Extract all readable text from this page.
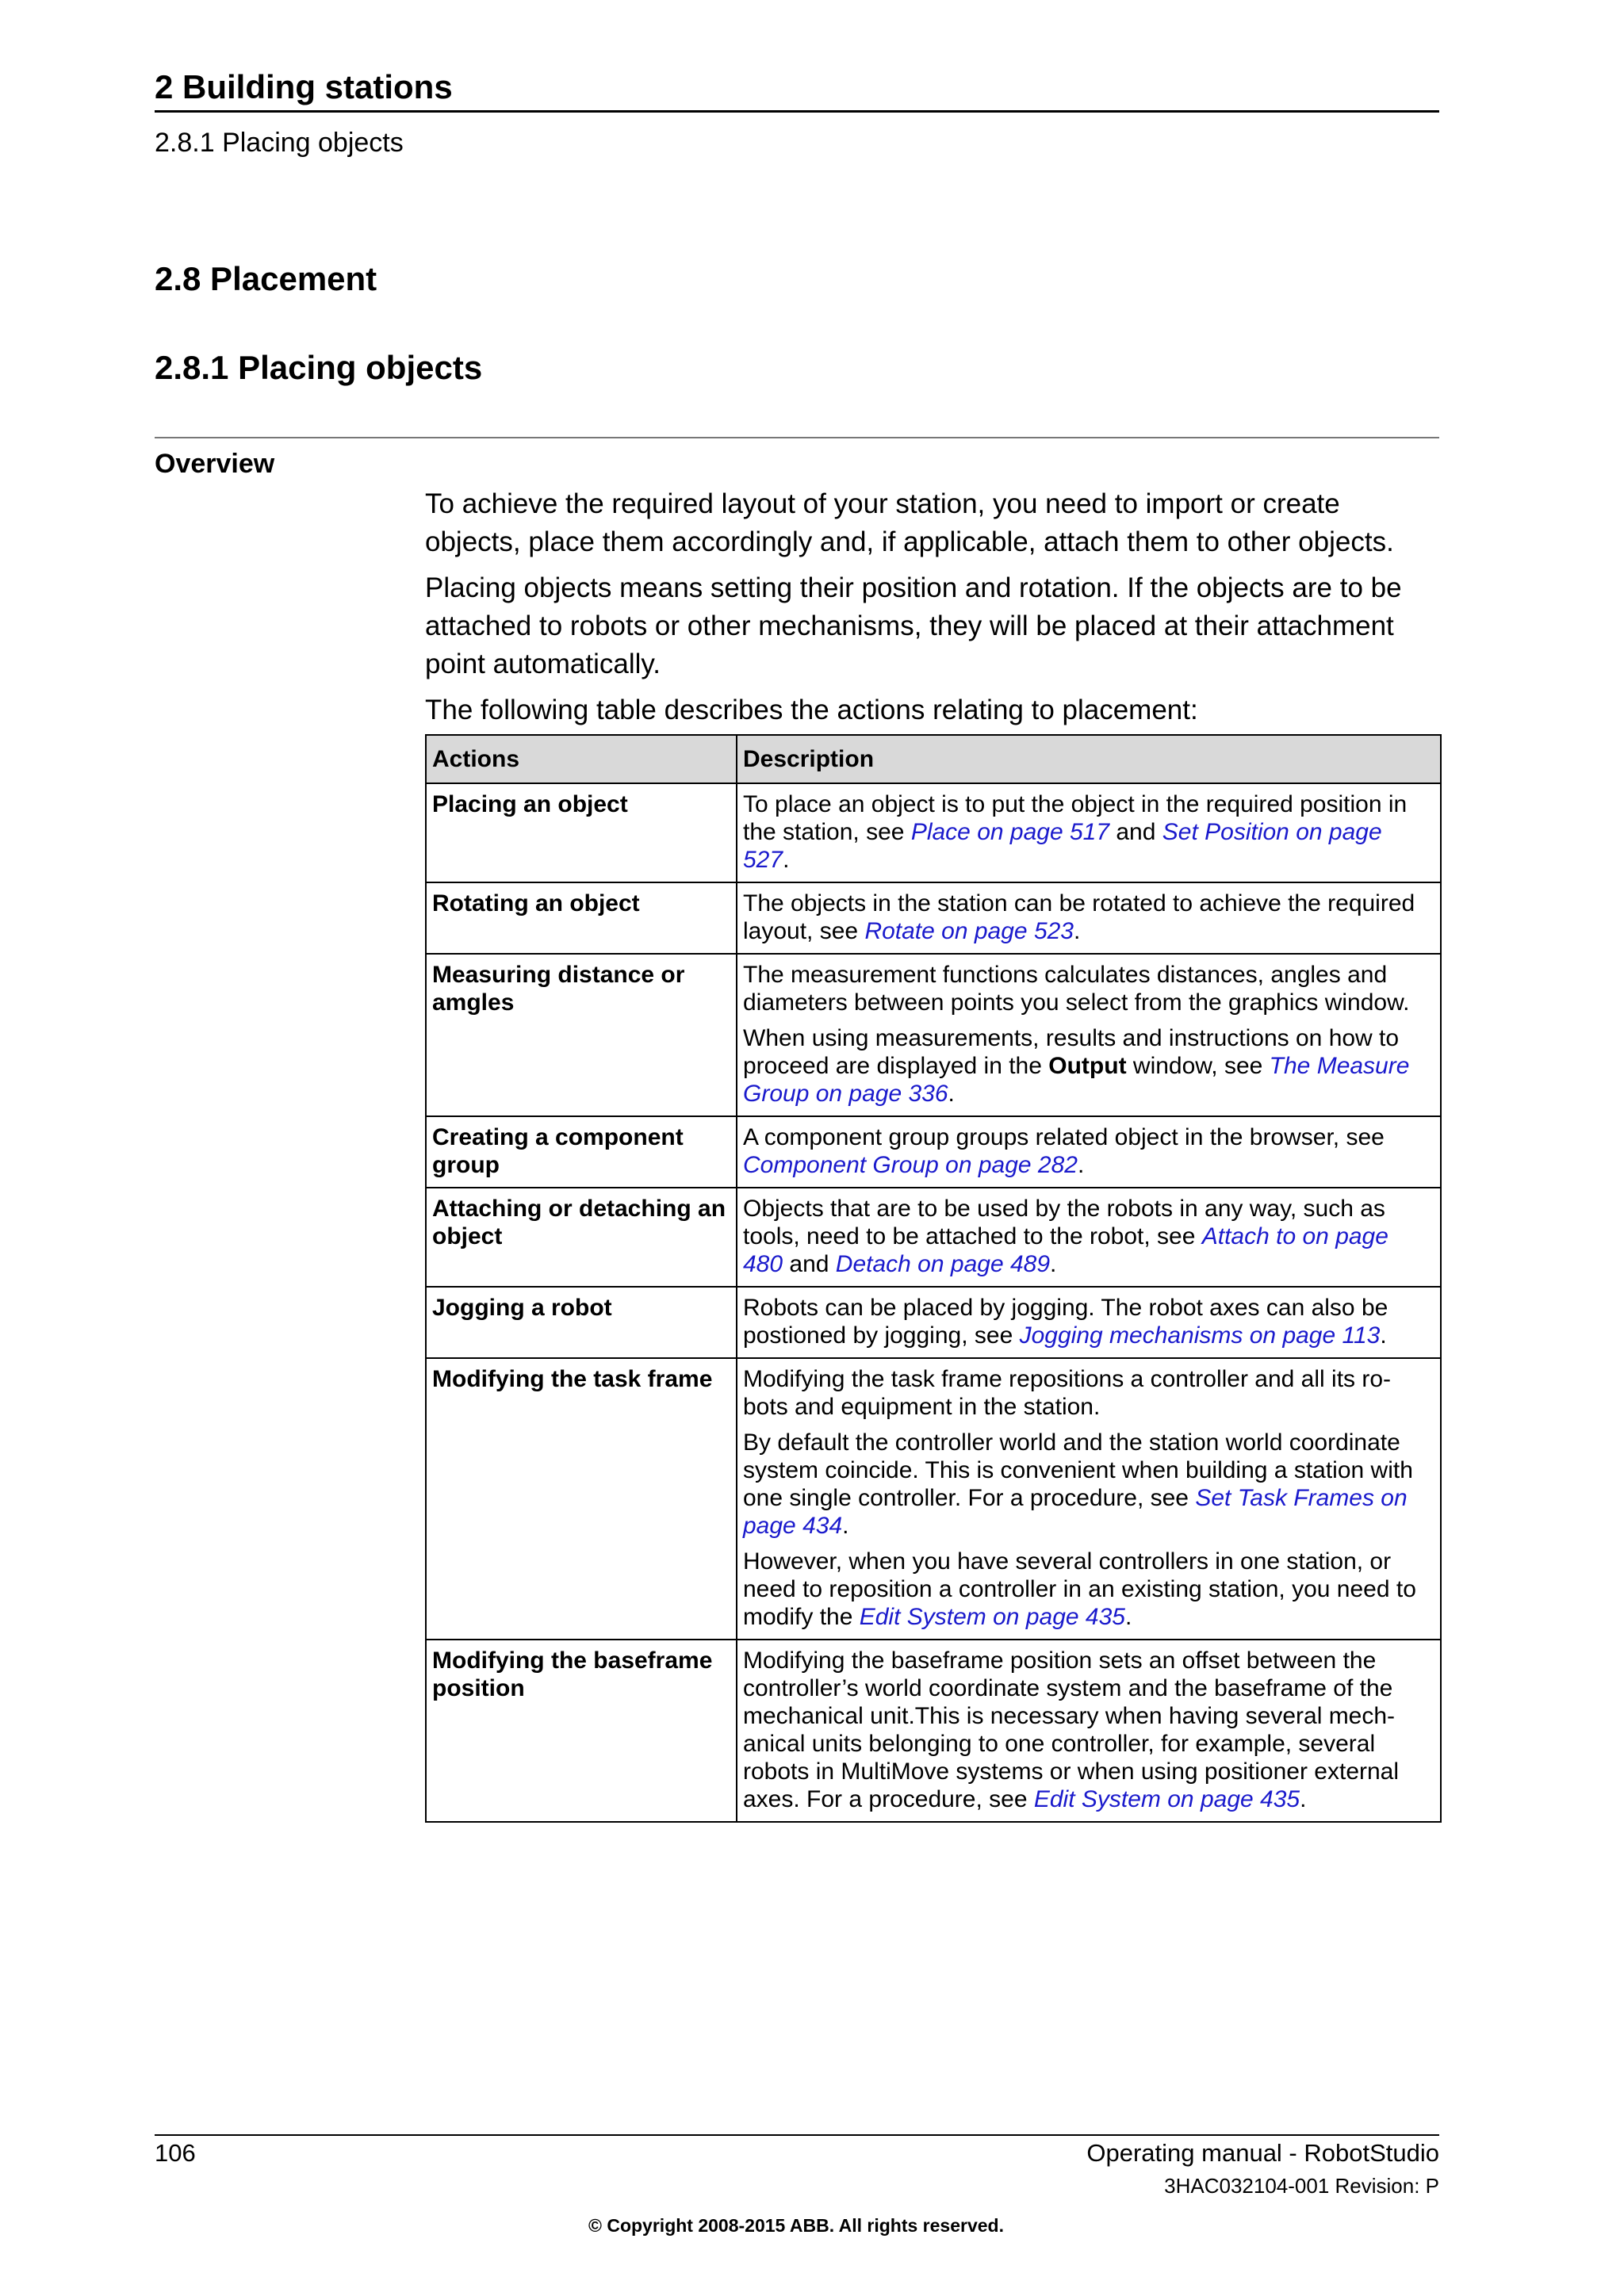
2 Building stations
2.8.1 Placing objects
2.8 Placement
2.8.1 Placing objects
Overview

To achieve the required layout of your station, you need to import or create objects, place them accordingly and, if applicable, attach them to other objects.

Placing objects means setting their position and rotation. If the objects are to be attached to robots or other mechanisms, they will be placed at their attachment point automatically.

The following table describes the actions relating to placement:

Actions	Description
Placing an object	To place an object is to put the object in the required position in the station, see Place on page 517 and Set Position on page 527.

Rotating an object	The objects in the station can be rotated to achieve the required layout, see Rotate on page 523.

Measuring distance or amgles	The measurement functions calculates distances, angles and diameters between points you select from the graphics window.

When using measurements, results and instructions on how to proceed are displayed in the Output window, see The Measure Group on page 336.

Creating a component group	A component group groups related object in the browser, see Component Group on page 282.

Attaching or detaching an object	Objects that are to be used by the robots in any way, such as tools, need to be attached to the robot, see Attach to on page 480 and Detach on page 489.

Jogging a robot	Robots can be placed by jogging. The robot axes can also be postioned by jogging, see Jogging mechanisms on page 113.

Modifying the task frame	Modifying the task frame repositions a controller and all its ro-bots and equipment in the station.

By default the controller world and the station world coordinate system coincide. This is convenient when building a station with one single controller. For a procedure, see Set Task Frames on page 434.

However, when you have several controllers in one station, or need to reposition a controller in an existing station, you need to modify the Edit System on page 435.

Modifying the baseframe position	Modifying the baseframe position sets an offset between the controller’s world coordinate system and the baseframe of the mechanical unit.This is necessary when having several mech-anical units belonging to one controller, for example, several robots in MultiMove systems or when using positioner external axes. For a procedure, see Edit System on page 435.

106	Operating manual - RobotStudio
3HAC032104-001 Revision: P
© Copyright 2008-2015 ABB. All rights reserved.
